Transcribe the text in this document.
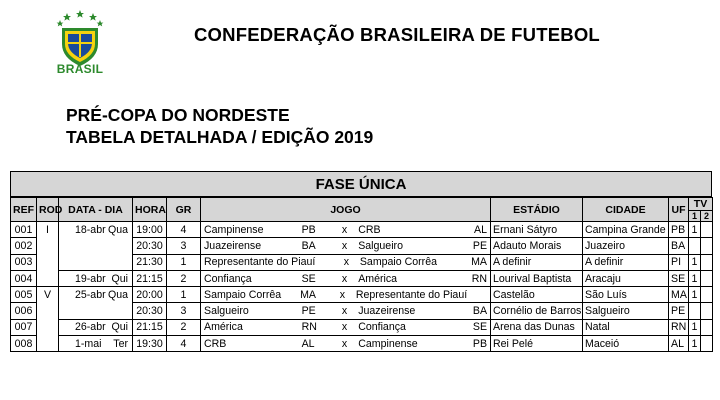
BRASIL
CONFEDERAÇÃO BRASILEIRA DE FUTEBOL
PRÉ-COPA DO NORDESTE
TABELA DETALHADA / EDIÇÃO 2019
FASE ÚNICA
REF	ROD	DATA - DIA	HORA	GR	JOGO	ESTÁDIO	CIDADE	UF	TV	
									1	2
001	I	18-abr Qua	19:00	4	Campinense PB x CRB AL	Ernani Sátyro	Campina Grande	PB	1	
002			20:30	3	Juazeirense BA x Salgueiro PE	Adauto Morais	Juazeiro	BA		
003			21:30	1	Representante do Piauí x Sampaio Corrêa MA	A definir	A definir	PI	1	
004		19-abr Qui	21:15	2	Confiança SE x América RN	Lourival Baptista	Aracaju	SE	1	
005	V	25-abr Qua	20:00	1	Sampaio Corrêa MA x Representante do Piauí	Castelão	São Luís	MA	1	
006			20:30	3	Salgueiro PE x Juazeirense BA	Cornélio de Barros	Salgueiro	PE		
007		26-abr Qui	21:15	2	América RN x Confiança SE	Arena das Dunas	Natal	RN	1	
008		1-mai Ter	19:30	4	CRB AL x Campinense PB	Rei Pelé	Maceió	AL	1	
